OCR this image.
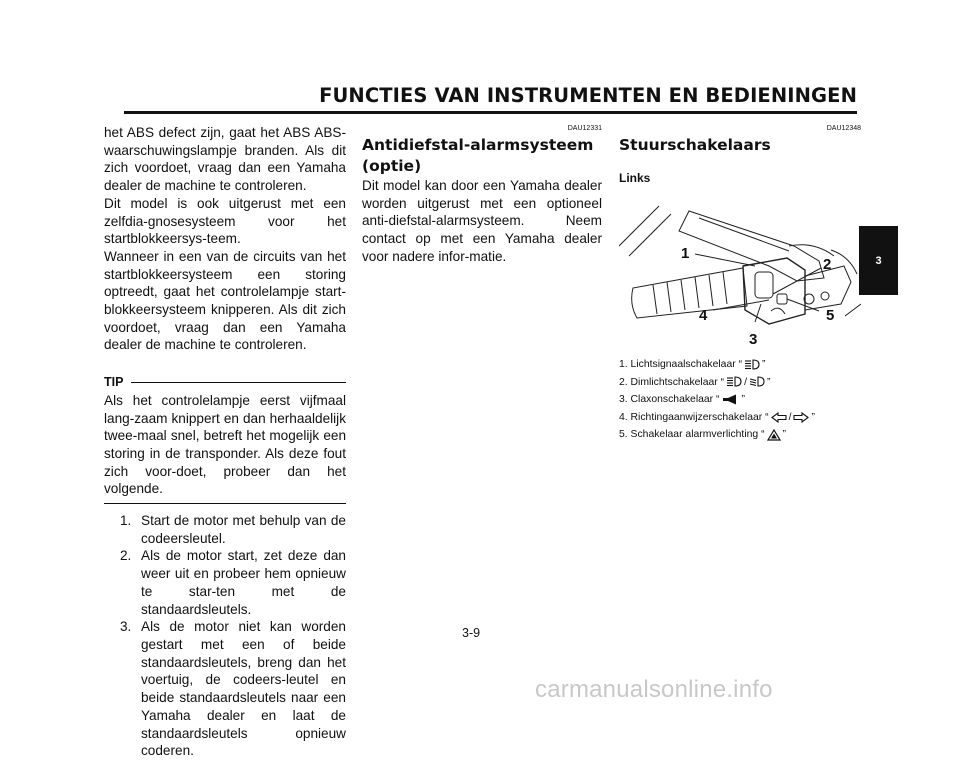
FUNCTIES VAN INSTRUMENTEN EN BEDIENINGEN
3

het ABS defect zijn, gaat het ABS ABS-waarschuwingslampje branden. Als dit zich voordoet, vraag dan een Yamaha dealer de machine te controleren.

Dit model is ook uitgerust met een zelfdia-gnosesysteem voor het startblokkeersys-teem.

Wanneer in een van de circuits van het startblokkeersysteem een storing optreedt, gaat het controlelampje start-blokkeersysteem knipperen. Als dit zich voordoet, vraag dan een Yamaha dealer de machine te controleren.

TIP

Als het controlelampje eerst vijfmaal lang-zaam knippert en dan herhaaldelijk twee-maal snel, betreft het mogelijk een storing in de transponder. Als deze fout zich voor-doet, probeer dan het volgende.

1. Start de motor met behulp van de codeersleutel.
2. Als de motor start, zet deze dan weer uit en probeer hem opnieuw te star-ten met de standaardsleutels.
3. Als de motor niet kan worden gestart met een of beide standaardsleutels, breng dan het voertuig, de codeers-leutel en beide standaardsleutels naar een Yamaha dealer en laat de standaardsleutels opnieuw coderen.
DAU12331
Antidiefstal-alarmsysteem (optie)

Dit model kan door een Yamaha dealer worden uitgerust met een optioneel anti-diefstal-alarmsysteem. Neem contact op met een Yamaha dealer voor nadere infor-matie.

DAU12348
Stuurschakelaars
Links
1
2
3
4	5
1. Lichtsignaalschakelaar “ ”
2. Dimlichtschakelaar “ / ”
3. Claxonschakelaar “ ”
4. Richtingaanwijzerschakelaar “ / ”
5. Schakelaar alarmverlichting “ ”
3-9
carmanualsonline.info
